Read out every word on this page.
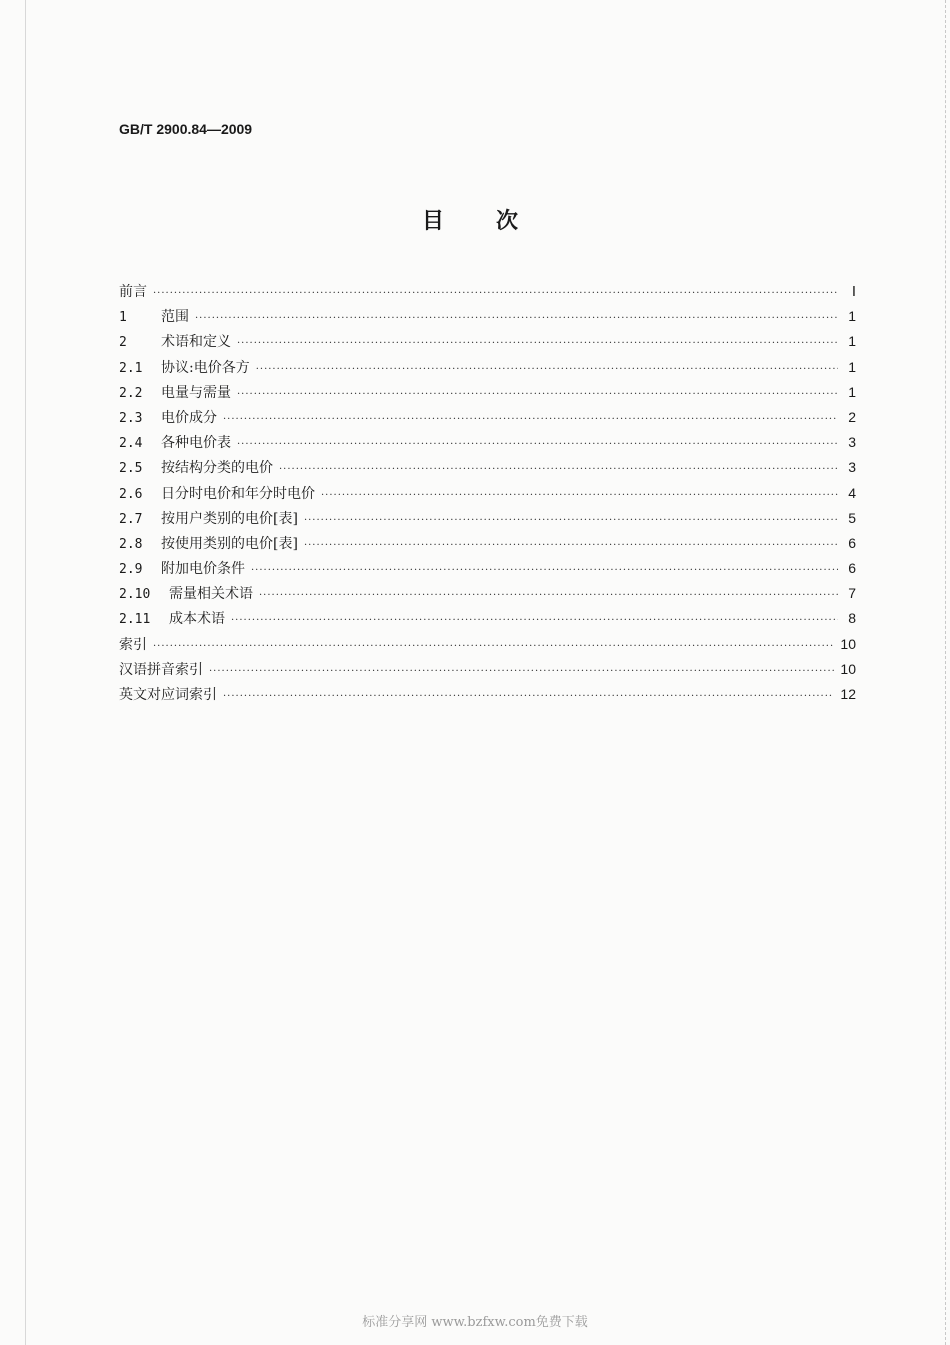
GB/T 2900.84—2009
目次
前言 ·····	Ⅰ
1	范围 ·····	1
2	术语和定义 ·····	1
2.1	协议:电价各方 ·····	1
2.2	电量与需量 ·····	1
2.3	电价成分 ·····	2
2.4	各种电价表 ·····	3
2.5	按结构分类的电价 ·····	3
2.6	日分时电价和年分时电价 ·····	4
2.7	按用户类别的电价[表] ·····	5
2.8	按使用类别的电价[表] ·····	6
2.9	附加电价条件 ·····	6
2.10	需量相关术语 ·····	7
2.11	成本术语 ·····	8
索引 ·····	10
汉语拼音索引 ·····	10
英文对应词索引 ·····	12
标准分享网 www.bzfxw.com免费下载
